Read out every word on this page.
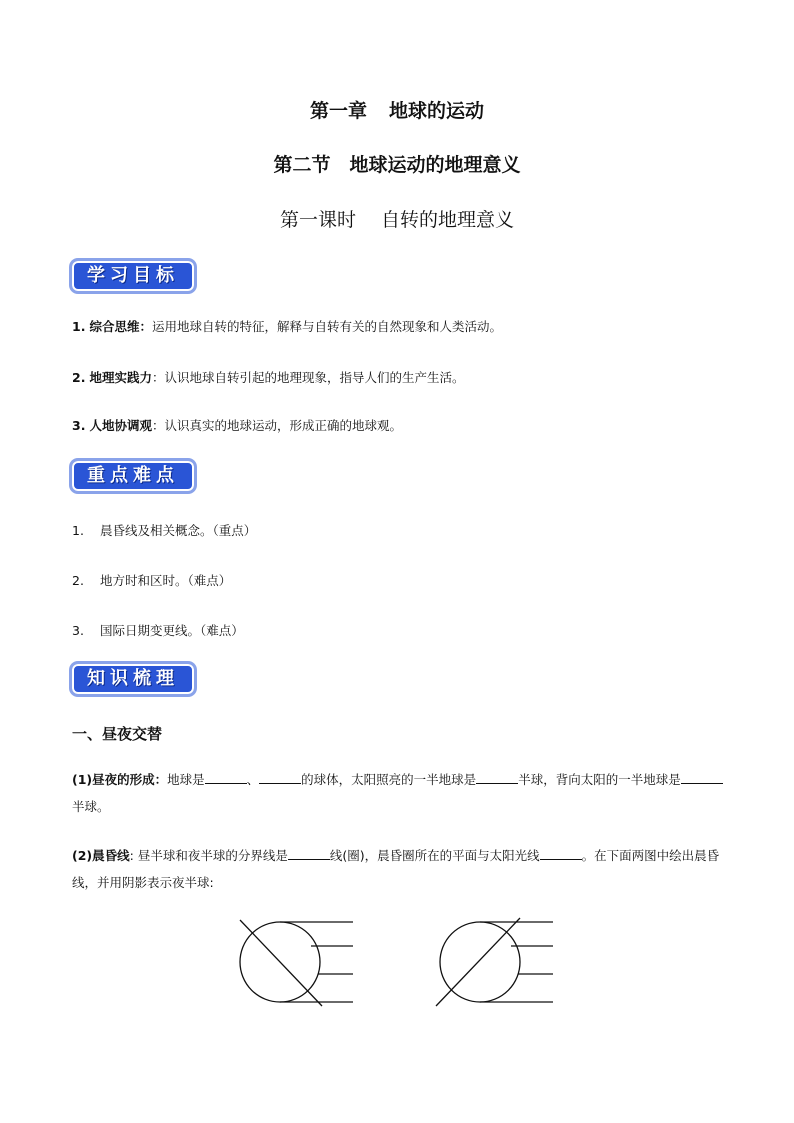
第一章 地球的运动
第二节　地球运动的地理意义
第一课时　 自转的地理意义
学习目标
1. 综合思维：运用地球自转的特征，解释与自转有关的自然现象和人类活动。
2. 地理实践力：认识地球自转引起的地理现象，指导人们的生产生活。
3. 人地协调观：认识真实的地球运动，形成正确的地球观。
重点难点
1. 晨昏线及相关概念。（重点）
2. 地方时和区时。（难点）
3. 国际日期变更线。（难点）
知识梳理
一、昼夜交替
(1)昼夜的形成：地球是	、	的球体，太阳照亮的一半地球是	半球，背向太阳的一半地球是半球。
(2)晨昏线: 昼半球和夜半球的分界线是	线(圈)，晨昏圈所在的平面与太阳光线	。在下面两图中绘出晨昏线，并用阴影表示夜半球:
